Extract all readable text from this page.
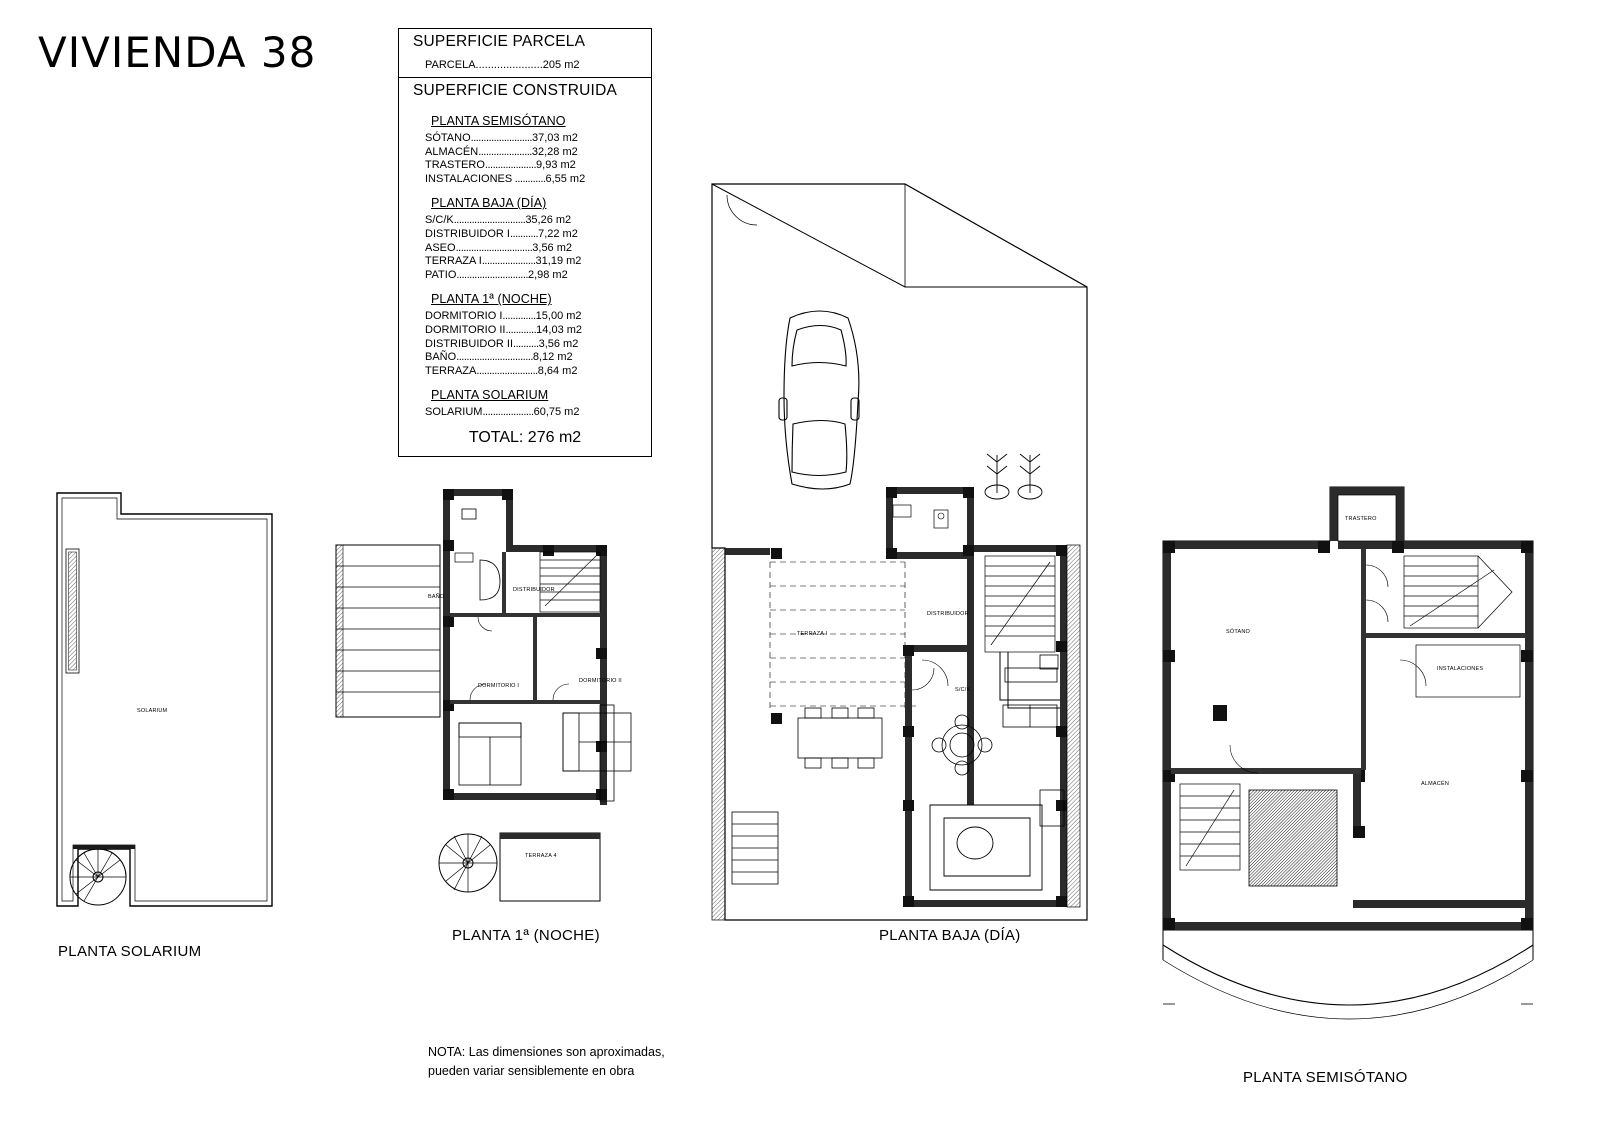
VIVIENDA 38	SUPERFICIE PARCELA
PARCELA......................205 m2
SUPERFICIE CONSTRUIDA
PLANTA SEMISÓTANO
SÓTANO........................37,03 m2
ALMACÉN.....................32,28 m2
TRASTERO....................9,93 m2
INSTALACIONES ............6,55 m2
PLANTA BAJA (DÍA)
S/C/K............................35,26 m2
DISTRIBUIDOR I...........7,22 m2
ASEO..............................3,56 m2
TERRAZA I.....................31,19 m2
PATIO............................2,98 m2
PLANTA 1ª (NOCHE)
DORMITORIO I.............15,00 m2
DORMITORIO II............14,03 m2
DISTRIBUIDOR II..........3,56 m2
BAÑO..............................8,12 m2
TERRAZA........................8,64 m2
PLANTA SOLARIUM
SOLARIUM....................60,75 m2
TOTAL: 276 m2
SOLARIUM
BAÑO
DISTRIBUIDOR
DORMITORIO I
DORMITORIO II
TERRAZA 4
TERRAZA I
DISTRIBUIDOR
S/C/K
TRASTERO
SÓTANO
INSTALACIONES
ALMACÉN
PLANTA SOLARIUM
PLANTA 1ª (NOCHE)	PLANTA BAJA (DÍA)
PLANTA SEMISÓTANO
NOTA: Las dimensiones son aproximadas,
pueden variar sensiblemente en obra
